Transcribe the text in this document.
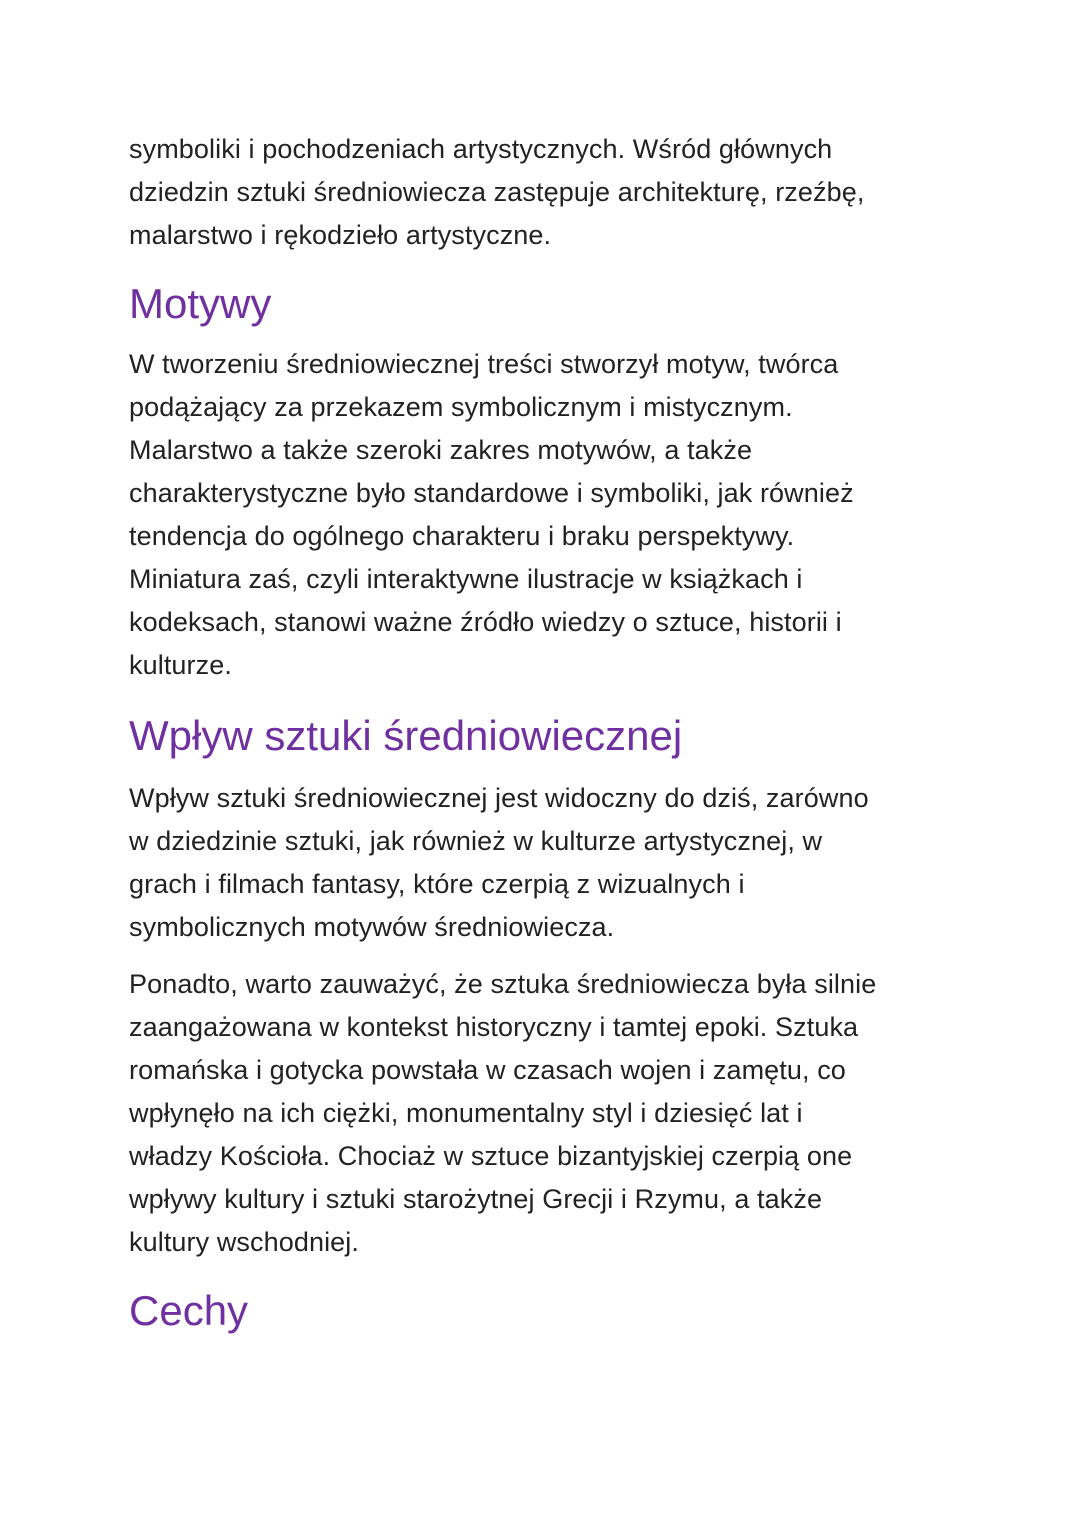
symboliki i pochodzeniach artystycznych. Wśród głównych
dziedzin sztuki średniowiecza zastępuje architekturę, rzeźbę,
malarstwo i rękodzieło artystyczne.

Motywy

W tworzeniu średniowiecznej treści stworzył motyw, twórca
podążający za przekazem symbolicznym i mistycznym.
Malarstwo a także szeroki zakres motywów, a także
charakterystyczne było standardowe i symboliki, jak również
tendencja do ogólnego charakteru i braku perspektywy.
Miniatura zaś, czyli interaktywne ilustracje w książkach i
kodeksach, stanowi ważne źródło wiedzy o sztuce, historii i
kulturze.

Wpływ sztuki średniowiecznej

Wpływ sztuki średniowiecznej jest widoczny do dziś, zarówno
w dziedzinie sztuki, jak również w kulturze artystycznej, w
grach i filmach fantasy, które czerpią z wizualnych i
symbolicznych motywów średniowiecza.

Ponadto, warto zauważyć, że sztuka średniowiecza była silnie
zaangażowana w kontekst historyczny i tamtej epoki. Sztuka
romańska i gotycka powstała w czasach wojen i zamętu, co
wpłynęło na ich ciężki, monumentalny styl i dziesięć lat i
władzy Kościoła. Chociaż w sztuce bizantyjskiej czerpią one
wpływy kultury i sztuki starożytnej Grecji i Rzymu, a także
kultury wschodniej.

Cechy
